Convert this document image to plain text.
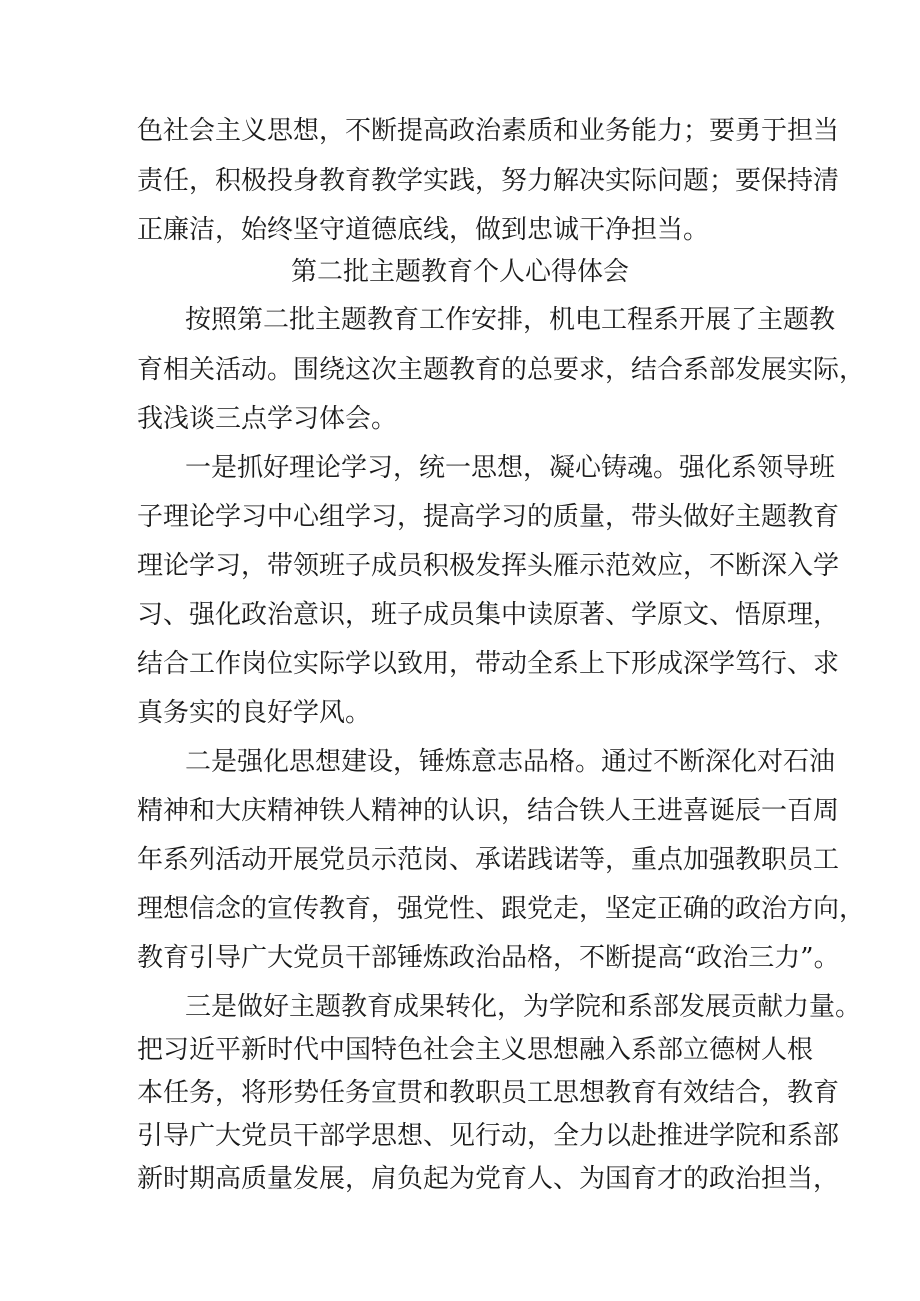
色社会主义思想，不断提高政治素质和业务能力；要勇于担当
责任，积极投身教育教学实践，努力解决实际问题；要保持清
正廉洁，始终坚守道德底线，做到忠诚干净担当。
第二批主题教育个人心得体会
按照第二批主题教育工作安排，机电工程系开展了主题教
育相关活动。围绕这次主题教育的总要求，结合系部发展实际，
我浅谈三点学习体会。
一是抓好理论学习，统一思想，凝心铸魂。强化系领导班
子理论学习中心组学习，提高学习的质量，带头做好主题教育
理论学习，带领班子成员积极发挥头雁示范效应，不断深入学
习、强化政治意识，班子成员集中读原著、学原文、悟原理，
结合工作岗位实际学以致用，带动全系上下形成深学笃行、求
真务实的良好学风。
二是强化思想建设，锤炼意志品格。通过不断深化对石油
精神和大庆精神铁人精神的认识，结合铁人王进喜诞辰一百周
年系列活动开展党员示范岗、承诺践诺等，重点加强教职员工
理想信念的宣传教育，强党性、跟党走，坚定正确的政治方向，
教育引导广大党员干部锤炼政治品格，不断提高“政治三力”。
三是做好主题教育成果转化，为学院和系部发展贡献力量。
把习近平新时代中国特色社会主义思想融入系部立德树人根
本任务，将形势任务宣贯和教职员工思想教育有效结合，教育
引导广大党员干部学思想、见行动，全力以赴推进学院和系部
新时期高质量发展，肩负起为党育人、为国育才的政治担当，
